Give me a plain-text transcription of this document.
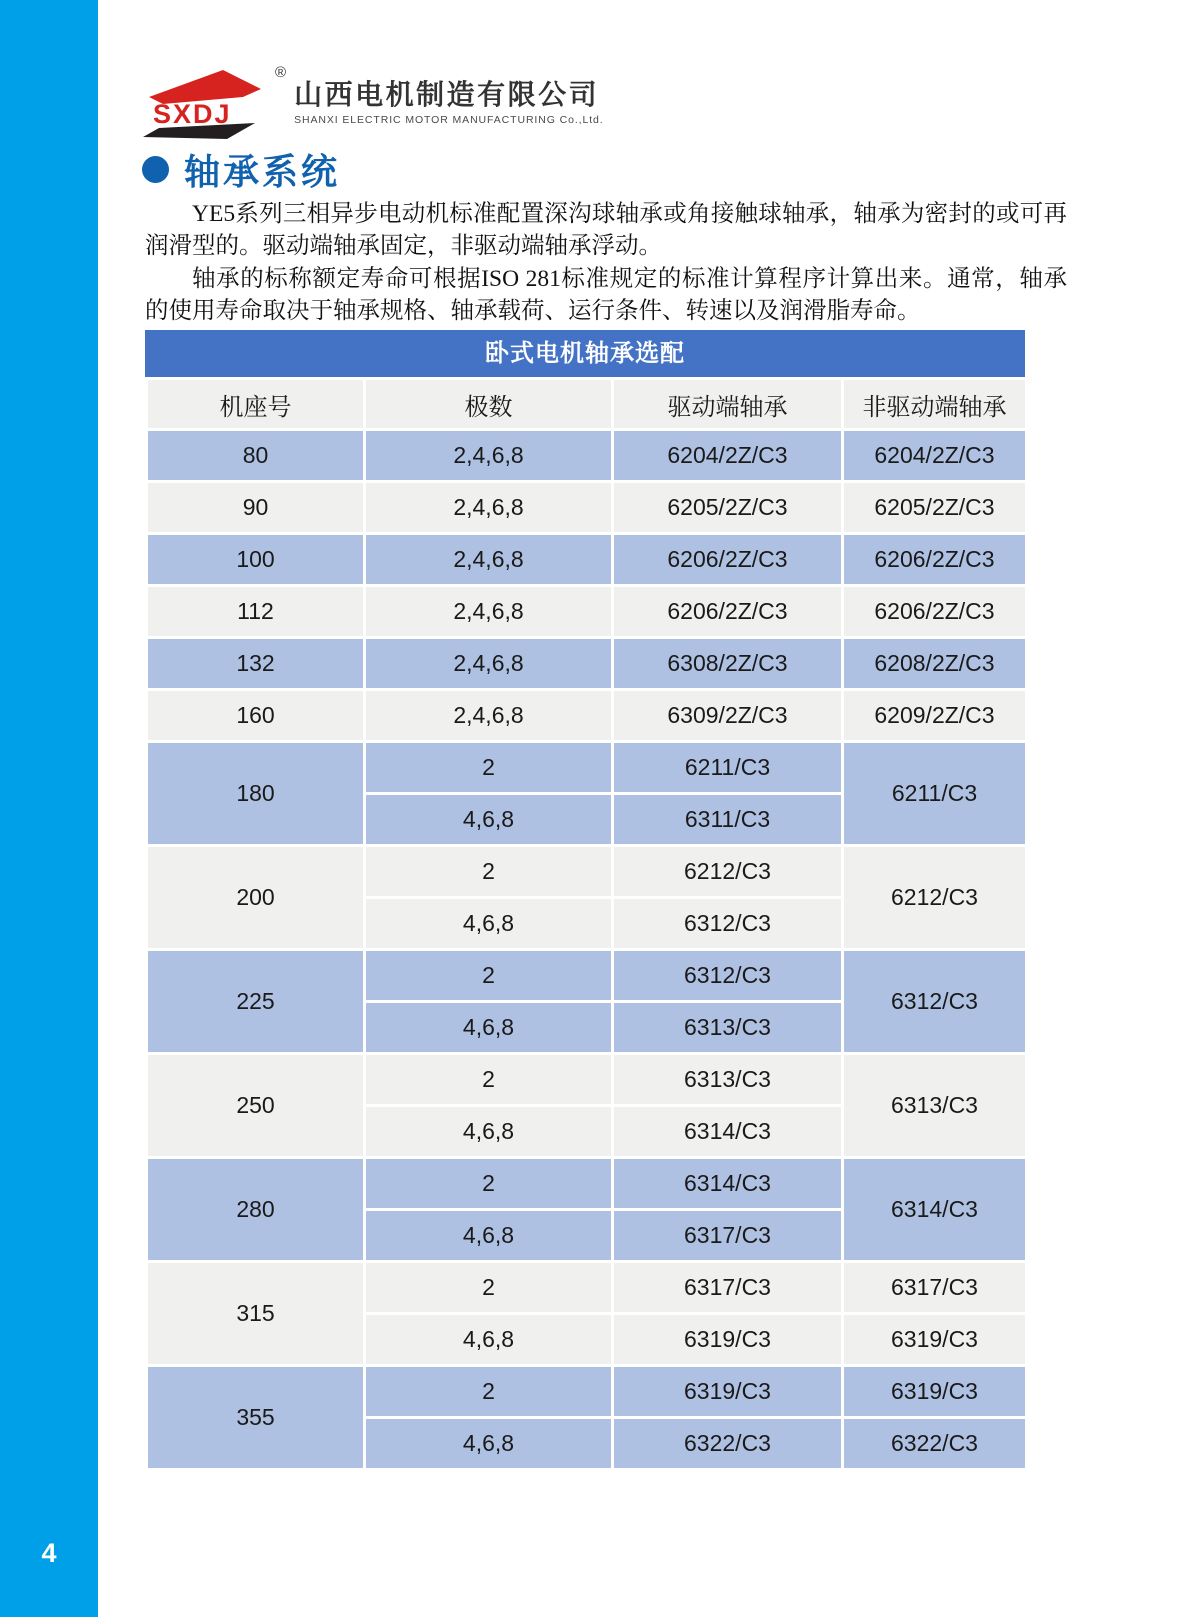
4
SXDJ
®
山西电机制造有限公司
SHANXI ELECTRIC MOTOR MANUFACTURING Co.,Ltd.
轴承系统

YE5系列三相异步电动机标准配置深沟球轴承或角接触球轴承，轴承为密封的或可再润滑型的。驱动端轴承固定，非驱动端轴承浮动。

轴承的标称额定寿命可根据ISO 281标准规定的标准计算程序计算出来。通常，轴承的使用寿命取决于轴承规格、轴承载荷、运行条件、转速以及润滑脂寿命。

卧式电机轴承选配
机座号	极数	驱动端轴承	非驱动端轴承
80	2,4,6,8	6204/2Z/C3	6204/2Z/C3
90	2,4,6,8	6205/2Z/C3	6205/2Z/C3
100	2,4,6,8	6206/2Z/C3	6206/2Z/C3
112	2,4,6,8	6206/2Z/C3	6206/2Z/C3
132	2,4,6,8	6308/2Z/C3	6208/2Z/C3
160	2,4,6,8	6309/2Z/C3	6209/2Z/C3
180	2	6211/C3	6211/C3
	4,6,8	6311/C3	
200	2	6212/C3	6212/C3
	4,6,8	6312/C3	
225	2	6312/C3	6312/C3
	4,6,8	6313/C3	
250	2	6313/C3	6313/C3
	4,6,8	6314/C3	
280	2	6314/C3	6314/C3
	4,6,8	6317/C3	
315	2	6317/C3	6317/C3
	4,6,8	6319/C3	6319/C3
355	2	6319/C3	6319/C3
	4,6,8	6322/C3	6322/C3
